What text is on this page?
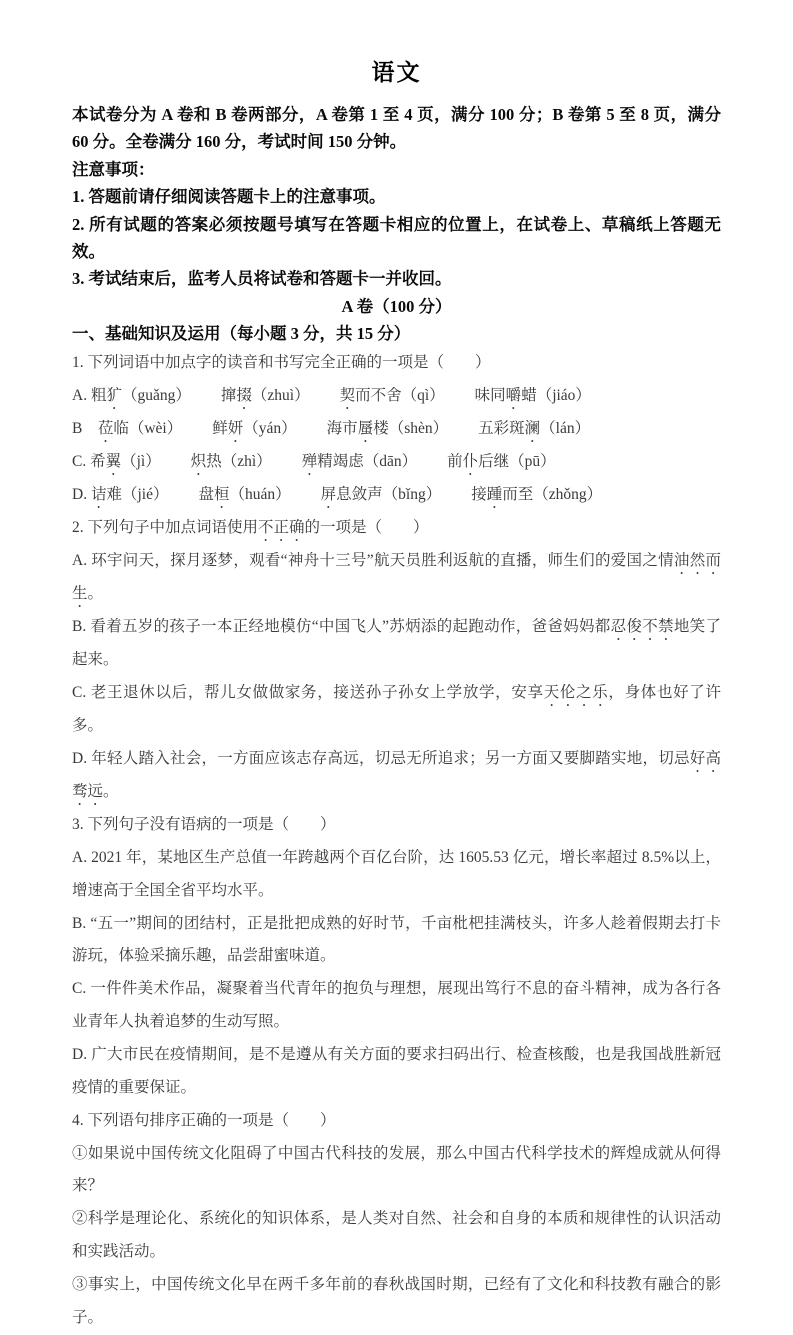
语文

本试卷分为 A 卷和 B 卷两部分，A 卷第 1 至 4 页，满分 100 分；B 卷第 5 至 8 页，满分 60 分。全卷满分 160 分，考试时间 150 分钟。

注意事项：

1. 答题前请仔细阅读答题卡上的注意事项。

2. 所有试题的答案必须按题号填写在答题卡相应的位置上，在试卷上、草稿纸上答题无效。

3. 考试结束后，监考人员将试卷和答题卡一并收回。

A 卷（100 分）

一、基础知识及运用（每小题 3 分，共 15 分）

1. 下列词语中加点字的读音和书写完全正确的一项是（　　）

A. 粗犷（guǎng） 撺掇（zhuì） 契而不舍（qì） 味同嚼蜡（jiáo）
B　莅临（wèi） 鲜妍（yán） 海市蜃楼（shèn） 五彩斑澜（lán）
C. 希翼（jì） 炽热（zhì） 殚精竭虑（dān） 前仆后继（pū）
D. 诘难（jié） 盘桓（huán） 屏息敛声（bǐng） 接踵而至（zhǒng）

2. 下列句子中加点词语使用不正确的一项是（　　）

A. 环宇问天，探月逐梦，观看“神舟十三号”航天员胜利返航的直播，师生们的爱国之情油然而生。

B. 看着五岁的孩子一本正经地模仿“中国飞人”苏炳添的起跑动作，爸爸妈妈都忍俊不禁地笑了起来。

C. 老王退休以后，帮儿女做做家务，接送孙子孙女上学放学，安享天伦之乐，身体也好了许多。

D. 年轻人踏入社会，一方面应该志存高远，切忌无所追求；另一方面又要脚踏实地，切忌好高骛远。

3. 下列句子没有语病的一项是（　　）

A. 2021 年，某地区生产总值一年跨越两个百亿台阶，达 1605.53 亿元，增长率超过 8.5%以上，增速高于全国全省平均水平。

B. “五一”期间的团结村，正是批把成熟的好时节，千亩枇杷挂满枝头，许多人趁着假期去打卡游玩，体验采摘乐趣，品尝甜蜜味道。

C. 一件件美术作品，凝聚着当代青年的抱负与理想，展现出笃行不息的奋斗精神，成为各行各业青年人执着追梦的生动写照。

D. 广大市民在疫情期间，是不是遵从有关方面的要求扫码出行、检查核酸，也是我国战胜新冠疫情的重要保证。

4. 下列语句排序正确的一项是（　　）

①如果说中国传统文化阻碍了中国古代科技的发展，那么中国古代科学技术的辉煌成就从何得来？

②科学是理论化、系统化的知识体系，是人类对自然、社会和自身的本质和规律性的认识活动和实践活动。

③事实上，中国传统文化早在两千多年前的春秋战国时期，已经有了文化和科技教有融合的影子。
